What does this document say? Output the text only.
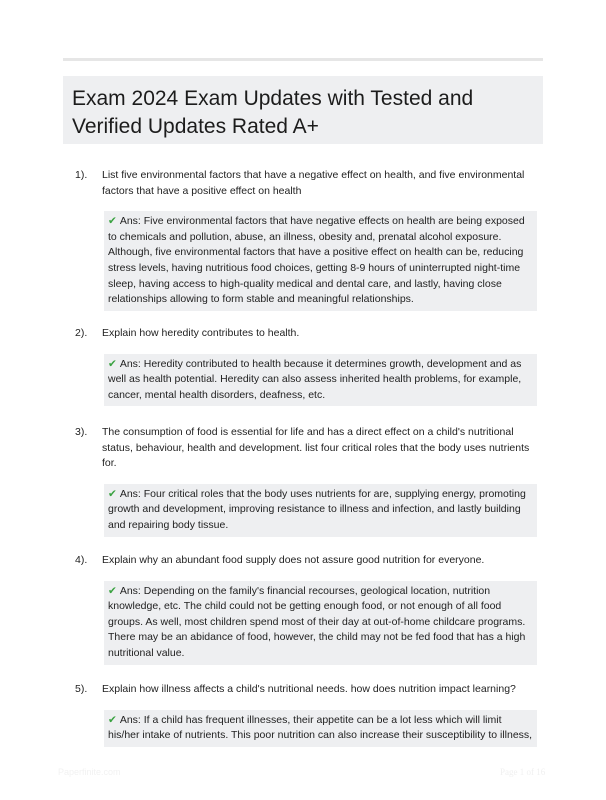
Exam 2024 Exam Updates with Tested and Verified Updates Rated A+
1). List five environmental factors that have a negative effect on health, and five environmental factors that have a positive effect on health
✔ Ans: Five environmental factors that have negative effects on health are being exposed to chemicals and pollution, abuse, an illness, obesity and, prenatal alcohol exposure. Although, five environmental factors that have a positive effect on health can be, reducing stress levels, having nutritious food choices, getting 8-9 hours of uninterrupted night-time sleep, having access to high-quality medical and dental care, and lastly, having close relationships allowing to form stable and meaningful relationships.
2). Explain how heredity contributes to health.
✔ Ans: Heredity contributed to health because it determines growth, development and as well as health potential. Heredity can also assess inherited health problems, for example, cancer, mental health disorders, deafness, etc.
3). The consumption of food is essential for life and has a direct effect on a child's nutritional status, behaviour, health and development. list four critical roles that the body uses nutrients for.
✔ Ans: Four critical roles that the body uses nutrients for are, supplying energy, promoting growth and development, improving resistance to illness and infection, and lastly building and repairing body tissue.
4). Explain why an abundant food supply does not assure good nutrition for everyone.
✔ Ans: Depending on the family's financial recourses, geological location, nutrition knowledge, etc. The child could not be getting enough food, or not enough of all food groups. As well, most children spend most of their day at out-of-home childcare programs. There may be an abidance of food, however, the child may not be fed food that has a high nutritional value.
5). Explain how illness affects a child's nutritional needs. how does nutrition impact learning?
✔ Ans: If a child has frequent illnesses, their appetite can be a lot less which will limit his/her intake of nutrients. This poor nutrition can also increase their susceptibility to illness,
Paperfinite.com	Page 1 of 16
